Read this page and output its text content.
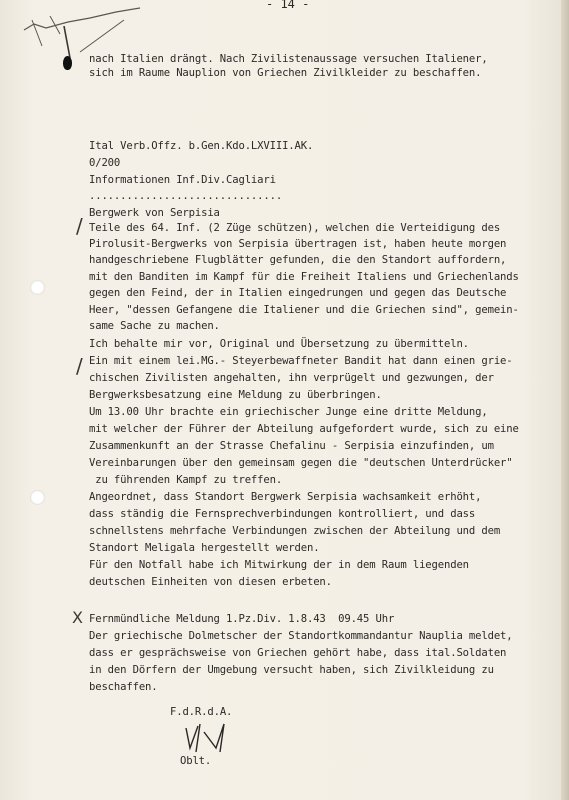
- 14 -
nach Italien drängt. Nach Zivilistenaussage versuchen Italiener,
sich im Raume Nauplion von Griechen Zivilkleider zu beschaffen.
Ital Verb.Offz. b.Gen.Kdo.LXVIII.AK.
0/200
Informationen Inf.Div.Cagliari
...............................
Bergwerk von Serpisia
Teile des 64. Inf. (2 Züge schützen), welchen die Verteidigung des
Pirolusit-Bergwerks von Serpisia übertragen ist, haben heute morgen
handgeschriebene Flugblätter gefunden, die den Standort auffordern,
mit den Banditen im Kampf für die Freiheit Italiens und Griechenlands
gegen den Feind, der in Italien eingedrungen und gegen das Deutsche
Heer, "dessen Gefangene die Italiener und die Griechen sind", gemein-
same Sache zu machen.
Ich behalte mir vor, Original und Übersetzung zu übermitteln.
Ein mit einem lei.MG.- Steyerbewaffneter Bandit hat dann einen grie-
chischen Zivilisten angehalten, ihn verprügelt und gezwungen, der
Bergwerksbesatzung eine Meldung zu überbringen.
Um 13.00 Uhr brachte ein griechischer Junge eine dritte Meldung,
mit welcher der Führer der Abteilung aufgefordert wurde, sich zu eine
Zusammenkunft an der Strasse Chefalinu - Serpisia einzufinden, um
Vereinbarungen über den gemeinsam gegen die "deutschen Unterdrücker"
zu führenden Kampf zu treffen.
Angeordnet, dass Standort Bergwerk Serpisia wachsamkeit erhöht,
dass ständig die Fernsprechverbindungen kontrolliert, und dass
schnellstens mehrfache Verbindungen zwischen der Abteilung und dem
Standort Meligala hergestellt werden.
Für den Notfall habe ich Mitwirkung der in dem Raum liegenden
deutschen Einheiten von diesen erbeten.
Fernmündliche Meldung 1.Pz.Div. 1.8.43  09.45 Uhr
Der griechische Dolmetscher der Standortkommandantur Nauplia meldet,
dass er gesprächsweise von Griechen gehört habe, dass ital.Soldaten
in den Dörfern der Umgebung versucht haben, sich Zivilkleidung zu
beschaffen.
F.d.R.d.A.
Oblt.
/
/
X
